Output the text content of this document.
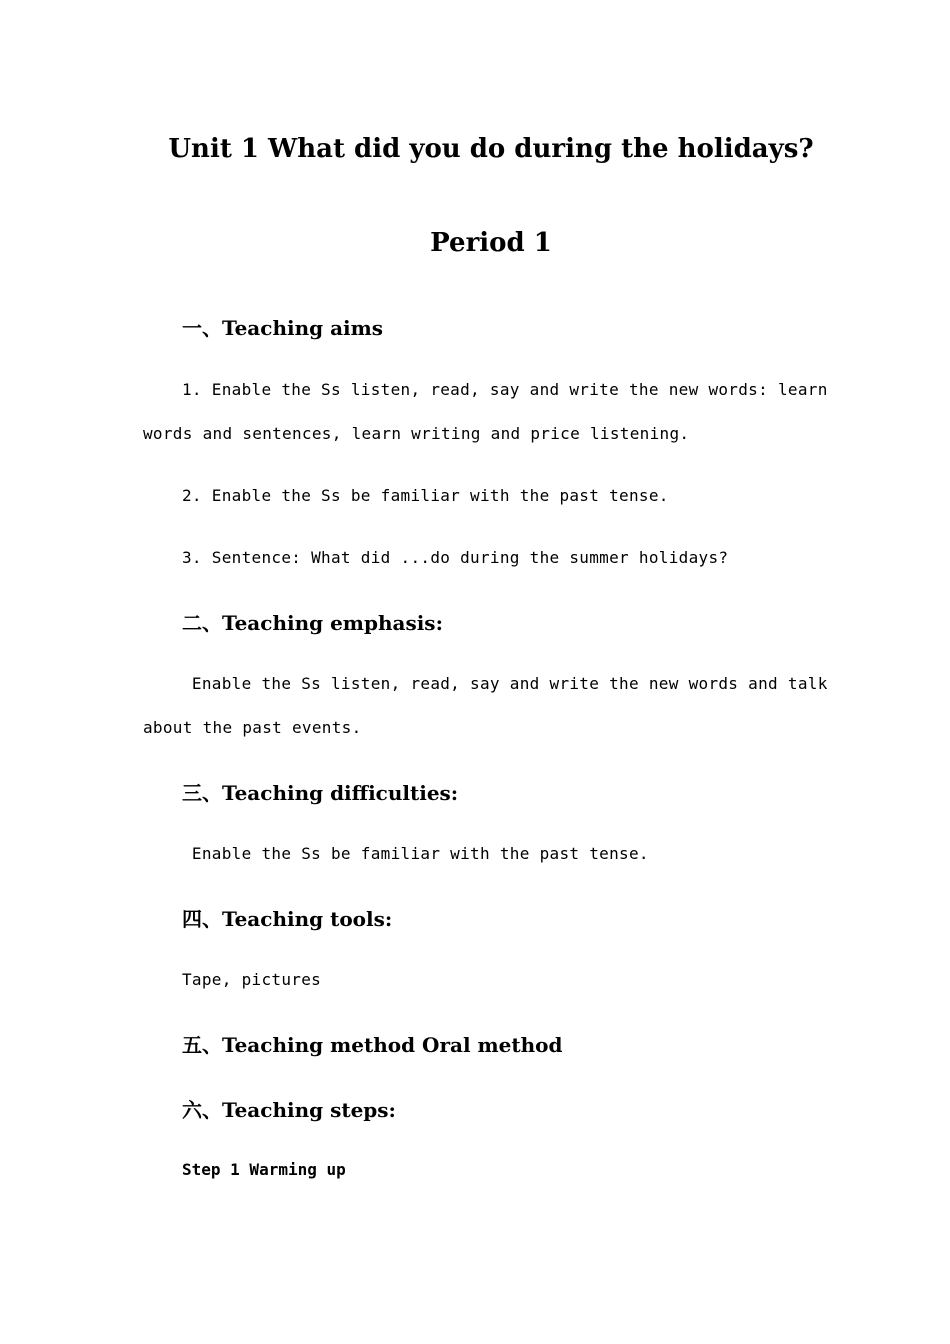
Unit 1 What did you do during the holidays?
Period 1
一、Teaching aims

1. Enable the Ss listen, read, say and write the new words: learn

words and sentences, learn writing and price listening.

2. Enable the Ss be familiar with the past tense.

3. Sentence: What did ...do during the summer holidays?

二、Teaching emphasis:

Enable the Ss listen, read, say and write the new words and talk

about the past events.

三、Teaching difficulties:

Enable the Ss be familiar with the past tense.

四、Teaching tools:

Tape, pictures

五、Teaching method Oral method
六、Teaching steps:

Step 1 Warming up
